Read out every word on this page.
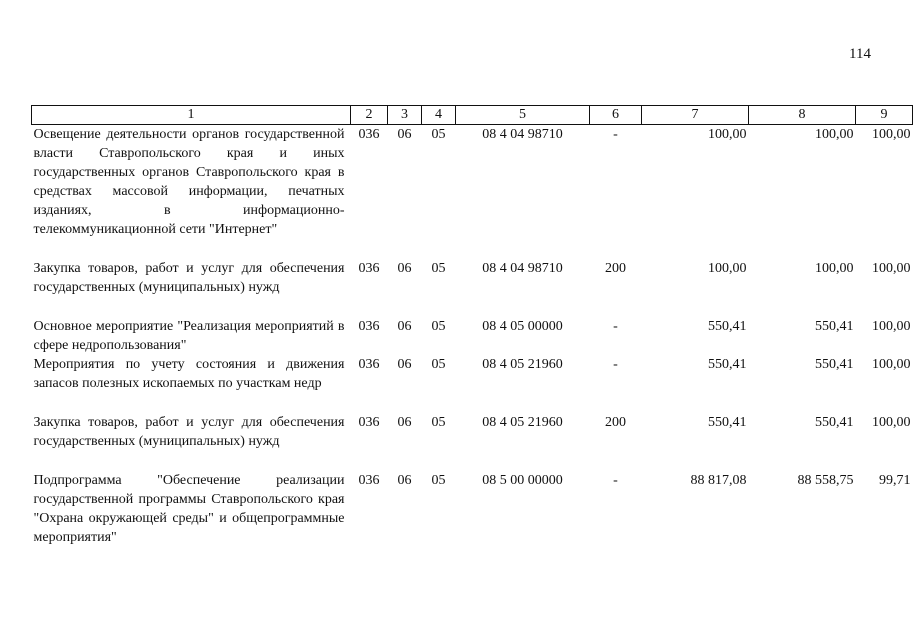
114
1	2	3	4	5	6	7	8	9
Освещение деятельности органов государственной власти Ставропольского края и иных государственных органов Ставропольского края в средствах массовой информации, печатных изданиях, в информационно-телекоммуникационной сети "Интернет"	036	06	05	08 4 04 98710	-	100,00	100,00	100,00

Закупка товаров, работ и услуг для обеспечения государственных (муниципальных) нужд	036	06	05	08 4 04 98710	200	100,00	100,00	100,00

Основное мероприятие "Реализация мероприятий в сфере недропользования"	036	06	05	08 4 05 00000	-	550,41	550,41	100,00
Мероприятия по учету состояния и движения запасов полезных ископаемых по участкам недр	036	06	05	08 4 05 21960	-	550,41	550,41	100,00

Закупка товаров, работ и услуг для обеспечения государственных (муниципальных) нужд	036	06	05	08 4 05 21960	200	550,41	550,41	100,00

Подпрограмма "Обеспечение реализации государственной программы Ставропольского края "Охрана окружающей среды" и общепрограммные мероприятия"	036	06	05	08 5 00 00000	-	88 817,08	88 558,75	99,71
